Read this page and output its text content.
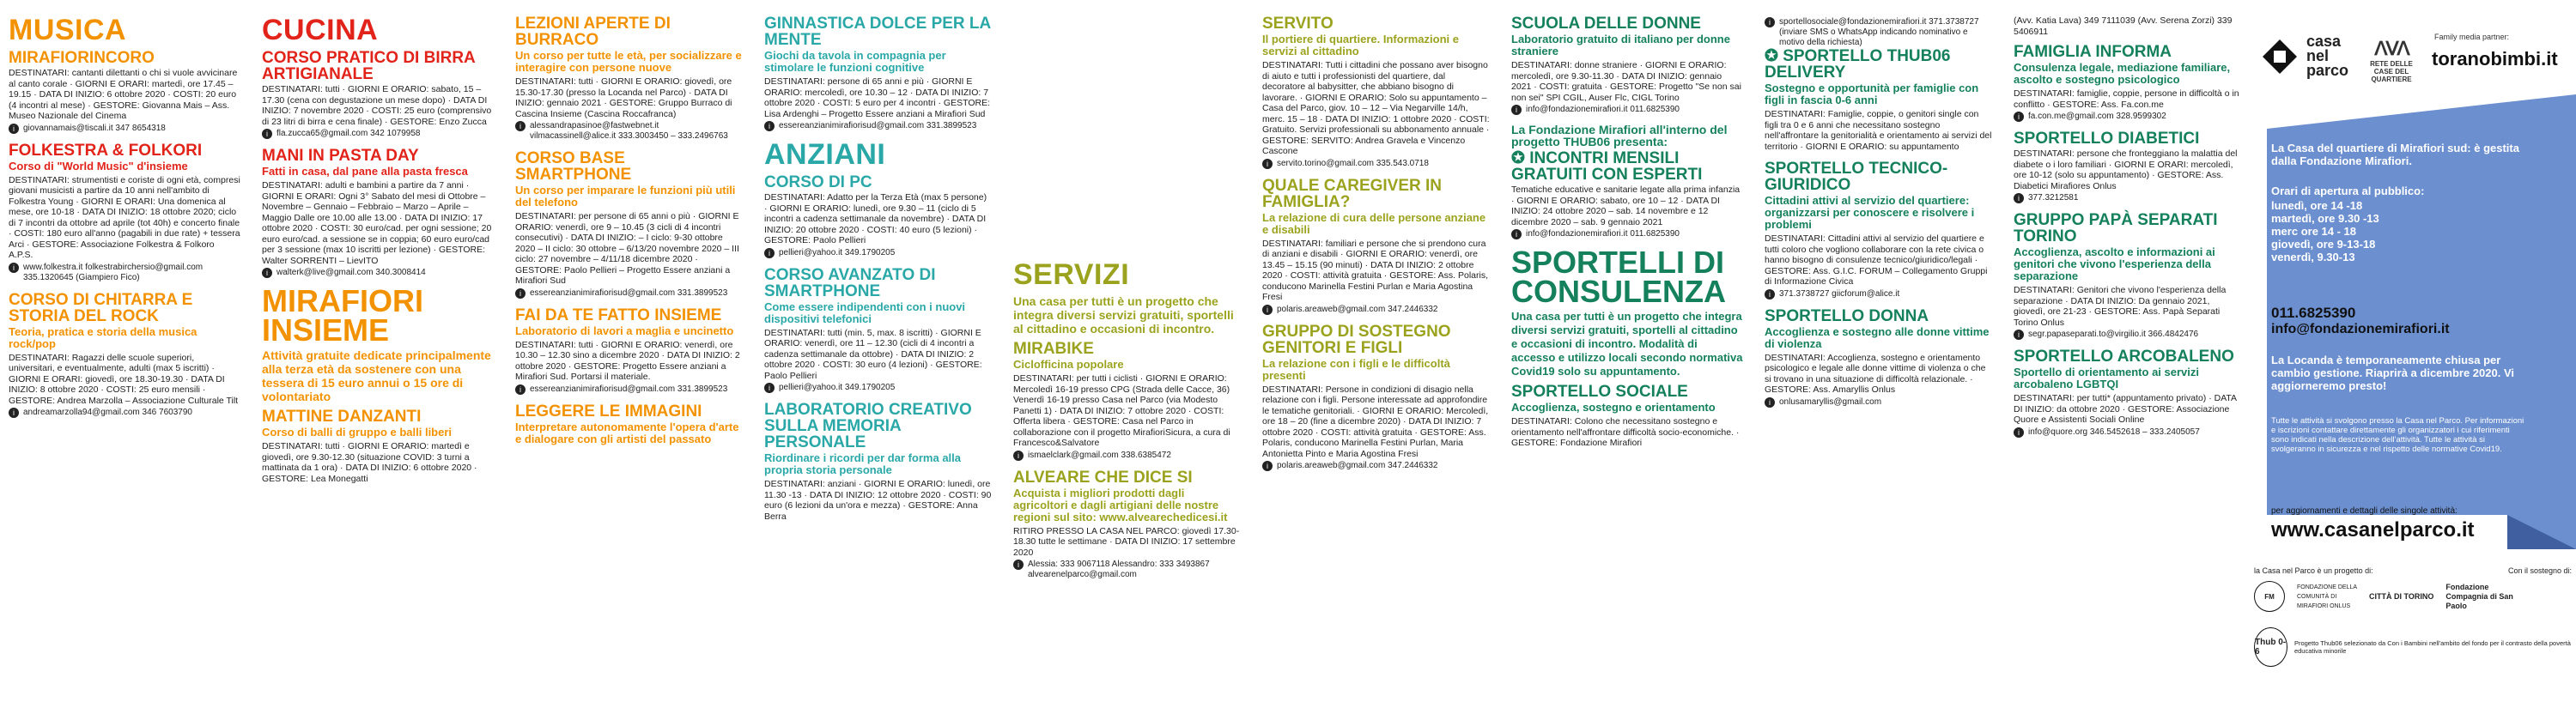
MUSICA
MIRAFIORINCORO
DESTINATARI: cantanti dilettanti o chi si vuole avvicinare al canto corale · GIORNI E ORARI: martedì, ore 17.45 – 19.15 · DATA DI INIZIO: 6 ottobre 2020 · COSTI: 20 euro (4 incontri al mese) · GESTORE: Giovanna Mais – Ass. Museo Nazionale del Cinema
i	giovannamais@tiscali.it 347 8654318
FOLKESTRA & FOLKORI
Corso di "World Music" d'insieme
DESTINATARI: strumentisti e coriste di ogni età, compresi giovani musicisti a partire da 10 anni nell'ambito di Folkestra Young · GIORNI E ORARI: Una domenica al mese, ore 10-18 · DATA DI INIZIO: 18 ottobre 2020; ciclo di 7 incontri da ottobre ad aprile (tot 40h) e concerto finale · COSTI: 180 euro all'anno (pagabili in due rate) + tessera Arci · GESTORE: Associazione Folkestra & Folkoro A.P.S.
i	www.folkestra.it folkestrabirchersio@gmail.com 335.1320645 (Giampiero Fico)
CORSO DI CHITARRA E STORIA DEL ROCK
Teoria, pratica e storia della musica rock/pop
DESTINATARI: Ragazzi delle scuole superiori, universitari, e eventualmente, adulti (max 5 iscritti) · GIORNI E ORARI: giovedì, ore 18.30-19.30 · DATA DI INIZIO: 8 ottobre 2020 · COSTI: 25 euro mensili · GESTORE: Andrea Marzolla – Associazione Culturale Tilt
i	andreamarzolla94@gmail.com 346 7603790
CUCINA
CORSO PRATICO DI BIRRA ARTIGIANALE
DESTINATARI: tutti · GIORNI E ORARIO: sabato, 15 – 17.30 (cena con degustazione un mese dopo) · DATA DI INIZIO: 7 novembre 2020 · COSTI: 25 euro (comprensivo di 23 litri di birra e cena finale) · GESTORE: Enzo Zucca
i	fla.zucca65@gmail.com 342 1079958
MANI IN PASTA DAY
Fatti in casa, dal pane alla pasta fresca
DESTINATARI: adulti e bambini a partire da 7 anni · GIORNI E ORARI: Ogni 3° Sabato del mesi di Ottobre – Novembre – Gennaio – Febbraio – Marzo – Aprile – Maggio Dalle ore 10.00 alle 13.00 · DATA DI INIZIO: 17 ottobre 2020 · COSTI: 30 euro/cad. per ogni sessione; 20 euro euro/cad. a sessione se in coppia; 60 euro euro/cad per 3 sessione (max 10 iscritti per lezione) · GESTORE: Walter SORRENTI – LievITO
i	walterk@live@gmail.com 340.3008414
MIRAFIORI INSIEME
Attività gratuite dedicate principalmente alla terza età da sostenere con una tessera di 15 euro annui o 15 ore di volontariato
MATTINE DANZANTI
Corso di balli di gruppo e balli liberi
DESTINATARI: tutti · GIORNI E ORARIO: martedì e giovedì, ore 9.30-12.30 (situazione COVID: 3 turni a mattinata da 1 ora) · DATA DI INIZIO: 6 ottobre 2020 · GESTORE: Lea Monegatti
LEZIONI APERTE DI BURRACO
Un corso per tutte le età, per socializzare e interagire con persone nuove
DESTINATARI: tutti · GIORNI E ORARIO: giovedì, ore 15.30-17.30 (presso la Locanda nel Parco) · DATA DI INIZIO: gennaio 2021 · GESTORE: Gruppo Burraco di Cascina Insieme (Cascina Roccafranca)
i	alessandrapasinoe@fastwebnet.it vilmacassinell@alice.it 333.3003450 – 333.2496763
CORSO BASE SMARTPHONE
Un corso per imparare le funzioni più utili del telefono
DESTINATARI: per persone di 65 anni o più · GIORNI E ORARIO: venerdì, ore 9 – 10.45 (3 cicli di 4 incontri consecutivi) · DATA DI INIZIO: – I ciclo: 9-30 ottobre 2020 – II ciclo: 30 ottobre – 6/13/20 novembre 2020 – III ciclo: 27 novembre – 4/11/18 dicembre 2020 · GESTORE: Paolo Pellieri – Progetto Essere anziani a Mirafiori Sud
i	essereanzianimirafiorisud@gmail.com 331.3899523
FAI DA TE FATTO INSIEME
Laboratorio di lavori a maglia e uncinetto
DESTINATARI: tutti · GIORNI E ORARIO: venerdì, ore 10.30 – 12.30 sino a dicembre 2020 · DATA DI INIZIO: 2 ottobre 2020 · GESTORE: Progetto Essere anziani a Mirafiori Sud. Portarsi il materiale.
i	essereanzianimirafiorisud@gmail.com 331.3899523
LEGGERE LE IMMAGINI
Interpretare autonomamente l'opera d'arte e dialogare con gli artisti del passato
GINNASTICA DOLCE PER LA MENTE
Giochi da tavola in compagnia per stimolare le funzioni cognitive
DESTINATARI: persone di 65 anni e più · GIORNI E ORARIO: mercoledì, ore 10.30 – 12 · DATA DI INIZIO: 7 ottobre 2020 · COSTI: 5 euro per 4 incontri · GESTORE: Lisa Ardenghi – Progetto Essere anziani a Mirafiori Sud
i	essereanzianimirafiorisud@gmail.com 331.3899523
ANZIANI
CORSO DI PC
DESTINATARI: Adatto per la Terza Età (max 5 persone) · GIORNI E ORARIO: lunedì, ore 9.30 – 11 (ciclo di 5 incontri a cadenza settimanale da novembre) · DATA DI INIZIO: 20 ottobre 2020 · COSTI: 40 euro (5 lezioni) · GESTORE: Paolo Pellieri
i	pellieri@yahoo.it 349.1790205
CORSO AVANZATO DI SMARTPHONE
Come essere indipendenti con i nuovi dispositivi telefonici
DESTINATARI: tutti (min. 5, max. 8 iscritti) · GIORNI E ORARIO: venerdì, ore 11 – 12.30 (cicli di 4 incontri a cadenza settimanale da ottobre) · DATA DI INIZIO: 2 ottobre 2020 · COSTI: 30 euro (4 lezioni) · GESTORE: Paolo Pellieri
i	pellieri@yahoo.it 349.1790205
LABORATORIO CREATIVO SULLA MEMORIA PERSONALE
Riordinare i ricordi per dar forma alla propria storia personale
DESTINATARI: anziani · GIORNI E ORARIO: lunedì, ore 11.30 -13 · DATA DI INIZIO: 12 ottobre 2020 · COSTI: 90 euro (6 lezioni da un'ora e mezza) · GESTORE: Anna Berra
SERVIZI
Una casa per tutti è un progetto che integra diversi servizi gratuiti, sportelli al cittadino e occasioni di incontro.
MIRABIKE
Ciclofficina popolare
DESTINATARI: per tutti i ciclisti · GIORNI E ORARIO: Mercoledì 16-19 presso CPG (Strada delle Cacce, 36) Venerdì 16-19 presso Casa nel Parco (via Modesto Panetti 1) · DATA DI INIZIO: 7 ottobre 2020 · COSTI: Offerta libera · GESTORE: Casa nel Parco in collaborazione con il progetto MirafioriSicura, a cura di Francesco&Salvatore
i	ismaelclark@gmail.com 338.6385472
ALVEARE CHE DICE SI
Acquista i migliori prodotti dagli agricoltori e dagli artigiani delle nostre regioni sul sito: www.alvearechedicesi.it
RITIRO PRESSO LA CASA NEL PARCO: giovedì 17.30-18.30 tutte le settimane · DATA DI INIZIO: 17 settembre 2020
i	Alessia: 333 9067118 Alessandro: 333 3493867 alvearenelparco@gmail.com
SERVITO
Il portiere di quartiere. Informazioni e servizi al cittadino
DESTINATARI: Tutti i cittadini che possano aver bisogno di aiuto e tutti i professionisti del quartiere, dal decoratore al babysitter, che abbiano bisogno di lavorare. · GIORNI E ORARIO: Solo su appuntamento – Casa del Parco, giov. 10 – 12 – Via Negarville 14/h, merc. 15 – 18 · DATA DI INIZIO: 1 ottobre 2020 · COSTI: Gratuito. Servizi professionali su abbonamento annuale · GESTORE: SERVITO: Andrea Gravela e Vincenzo Cascone
i	servito.torino@gmail.com 335.543.0718
QUALE CAREGIVER IN FAMIGLIA?
La relazione di cura delle persone anziane e disabili
DESTINATARI: familiari e persone che si prendono cura di anziani e disabili · GIORNI E ORARIO: venerdì, ore 13.45 – 15.15 (90 minuti) · DATA DI INIZIO: 2 ottobre 2020 · COSTI: attività gratuita · GESTORE: Ass. Polaris, conducono Marinella Festini Purlan e Maria Agostina Fresi
i	polaris.areaweb@gmail.com 347.2446332
GRUPPO DI SOSTEGNO GENITORI E FIGLI
La relazione con i figli e le difficoltà presenti
DESTINATARI: Persone in condizioni di disagio nella relazione con i figli. Persone interessate ad approfondire le tematiche genitoriali. · GIORNI E ORARIO: Mercoledì, ore 18 – 20 (fine a dicembre 2020) · DATA DI INIZIO: 7 ottobre 2020 · COSTI: attività gratuita · GESTORE: Ass. Polaris, conducono Marinella Festini Purlan, Maria Antonietta Pinto e Maria Agostina Fresi
i	polaris.areaweb@gmail.com 347.2446332
SCUOLA DELLE DONNE
Laboratorio gratuito di italiano per donne straniere
DESTINATARI: donne straniere · GIORNI E ORARIO: mercoledì, ore 9.30-11.30 · DATA DI INIZIO: gennaio 2021 · COSTI: gratuita · GESTORE: Progetto "Se non sai non sei" SPI CGIL, Auser Flc, CIGL Torino
i	info@fondazionemirafiori.it 011.6825390
La Fondazione Mirafiori all'interno del progetto THUB06 presenta:
✪ INCONTRI MENSILI GRATUITI CON ESPERTI
Tematiche educative e sanitarie legate alla prima infanzia · GIORNI E ORARIO: sabato, ore 10 – 12 · DATA DI INIZIO: 24 ottobre 2020 – sab. 14 novembre e 12 dicembre 2020 – sab. 9 gennaio 2021
i	info@fondazionemirafiori.it 011.6825390
SPORTELLI DI CONSULENZA
Una casa per tutti è un progetto che integra diversi servizi gratuiti, sportelli al cittadino e occasioni di incontro. Modalità di accesso e utilizzo locali secondo normativa Covid19 solo su appuntamento.
SPORTELLO SOCIALE
Accoglienza, sostegno e orientamento
DESTINATARI: Colono che necessitano sostegno e orientamento nell'affrontare difficoltà socio-economiche. · GESTORE: Fondazione Mirafiori
i	sportellosociale@fondazionemirafiori.it 371.3738727 (inviare SMS o WhatsApp indicando nominativo e motivo della richiesta)
✪ SPORTELLO THUB06 DELIVERY
Sostegno e opportunità per famiglie con figli in fascia 0-6 anni
DESTINATARI: Famiglie, coppie, o genitori single con figli tra 0 e 6 anni che necessitano sostegno nell'affrontare la genitorialità e orientamento ai servizi del territorio · GIORNI E ORARIO: su appuntamento
SPORTELLO TECNICO-GIURIDICO
Cittadini attivi al servizio del quartiere: organizzarsi per conoscere e risolvere i problemi
DESTINATARI: Cittadini attivi al servizio del quartiere e tutti coloro che vogliono collaborare con la rete civica o hanno bisogno di consulenze tecnico/giuridico/legali · GESTORE: Ass. G.I.C. FORUM – Collegamento Gruppi di Informazione Civica
i	371.3738727 giicforum@alice.it
SPORTELLO DONNA
Accoglienza e sostegno alle donne vittime di violenza
DESTINATARI: Accoglienza, sostegno e orientamento psicologico e legale alle donne vittime di violenza o che si trovano in una situazione di difficoltà relazionale. · GESTORE: Ass. Amaryllis Onlus
i	onlusamaryllis@gmail.com
(Avv. Katia Lava) 349 7111039 (Avv. Serena Zorzi) 339 5406911
FAMIGLIA INFORMA
Consulenza legale, mediazione familiare, ascolto e sostegno psicologico
DESTINATARI: famiglie, coppie, persone in difficoltà o in conflitto · GESTORE: Ass. Fa.con.me
i	fa.con.me@gmail.com 328.9599302
SPORTELLO DIABETICI
DESTINATARI: persone che fronteggiano la malattia del diabete o i loro familiari · GIORNI E ORARI: mercoledì, ore 10-12 (solo su appuntamento) · GESTORE: Ass. Diabetici Mirafiores Onlus
i	377.3212581
GRUPPO PAPÀ SEPARATI TORINO
Accoglienza, ascolto e informazioni ai genitori che vivono l'esperienza della separazione
DESTINATARI: Genitori che vivono l'esperienza della separazione · DATA DI INIZIO: Da gennaio 2021, giovedì, ore 21-23 · GESTORE: Ass. Papà Separati Torino Onlus
i	segr.papaseparati.to@virgilio.it 366.4842476
SPORTELLO ARCOBALENO
Sportello di orientamento ai servizi arcobaleno LGBTQI
DESTINATARI: per tutti* (appuntamento privato) · DATA DI INIZIO: da ottobre 2020 · GESTORE: Associazione Quore e Assistenti Sociali Online
i	info@quore.org 346.5452618 – 333.2405057
casa nel parco
ⴷⴸⴷ
RETE DELLE CASE DEL QUARTIERE
Family media partner:
toranobimbi.it
La Casa del quartiere di Mirafiori sud: è gestita dalla Fondazione Mirafiori.
Orari di apertura al pubblico:
lunedì, ore 14 -18
martedì, ore 9.30 -13
merc ore 14 - 18
giovedì, ore 9-13-18
venerdì, 9.30-13
011.6825390
info@fondazionemirafiori.it
La Locanda è temporaneamente chiusa per cambio gestione. Riaprirà a dicembre 2020. Vi aggiorneremo presto!
Tutte le attività si svolgono presso la Casa nel Parco. Per informazioni e iscrizioni contattare direttamente gli organizzatori i cui riferimenti sono indicati nella descrizione dell'attività. Tutte le attività si svolgeranno in sicurezza e nel rispetto delle normative Covid19.
per aggiornamenti e dettagli delle singole attività:
www.casanelparco.it
la Casa nel Parco è un progetto di:	Con il sostegno di:
FM
FONDAZIONE DELLA COMUNITÀ DI MIRAFIORI ONLUS
CITTÀ DI TORINO
Fondazione Compagnia di San Paolo
Thub 0-6
Progetto Thub06 selezionato da Con i Bambini nell'ambito del fondo per il contrasto della povertà educativa minorile
